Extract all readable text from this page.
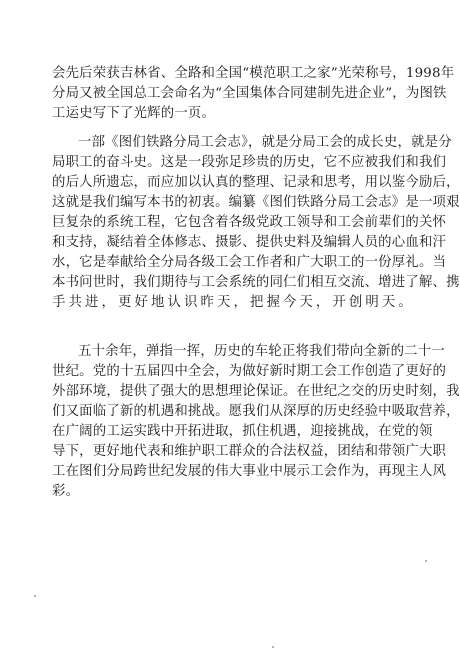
会先后荣获吉林省、全路和全国“模范职工之家”光荣称号，1998年
分局又被全国总工会命名为“全国集体合同建制先进企业”，为图铁
工运史写下了光辉的一页。
一部《图们铁路分局工会志》，就是分局工会的成长史，就是分
局职工的奋斗史。这是一段弥足珍贵的历史，它不应被我们和我们
的后人所遗忘，而应加以认真的整理、记录和思考，用以鉴今励后，
这就是我们编写本书的初衷。编纂《图们铁路分局工会志》是一项艰
巨复杂的系统工程，它包含着各级党政工领导和工会前辈们的关怀
和支持，凝结着全体修志、摄影、提供史料及编辑人员的心血和汗
水，它是奉献给全分局各级工会工作者和广大职工的一份厚礼。当
本书问世时，我们期待与工会系统的同仁们相互交流、增进了解、携
手共进，更好地认识昨天，把握今天，开创明天。
五十余年，弹指一挥，历史的车轮正将我们带向全新的二十一
世纪。党的十五届四中全会，为做好新时期工会工作创造了更好的
外部环境，提供了强大的思想理论保证。在世纪之交的历史时刻，我
们又面临了新的机遇和挑战。愿我们从深厚的历史经验中吸取营养，
在广阔的工运实践中开拓进取，抓住机遇，迎接挑战，在党的领
导下，更好地代表和维护职工群众的合法权益，团结和带领广大职
工在图们分局跨世纪发展的伟大事业中展示工会作为，再现主人风
彩。
